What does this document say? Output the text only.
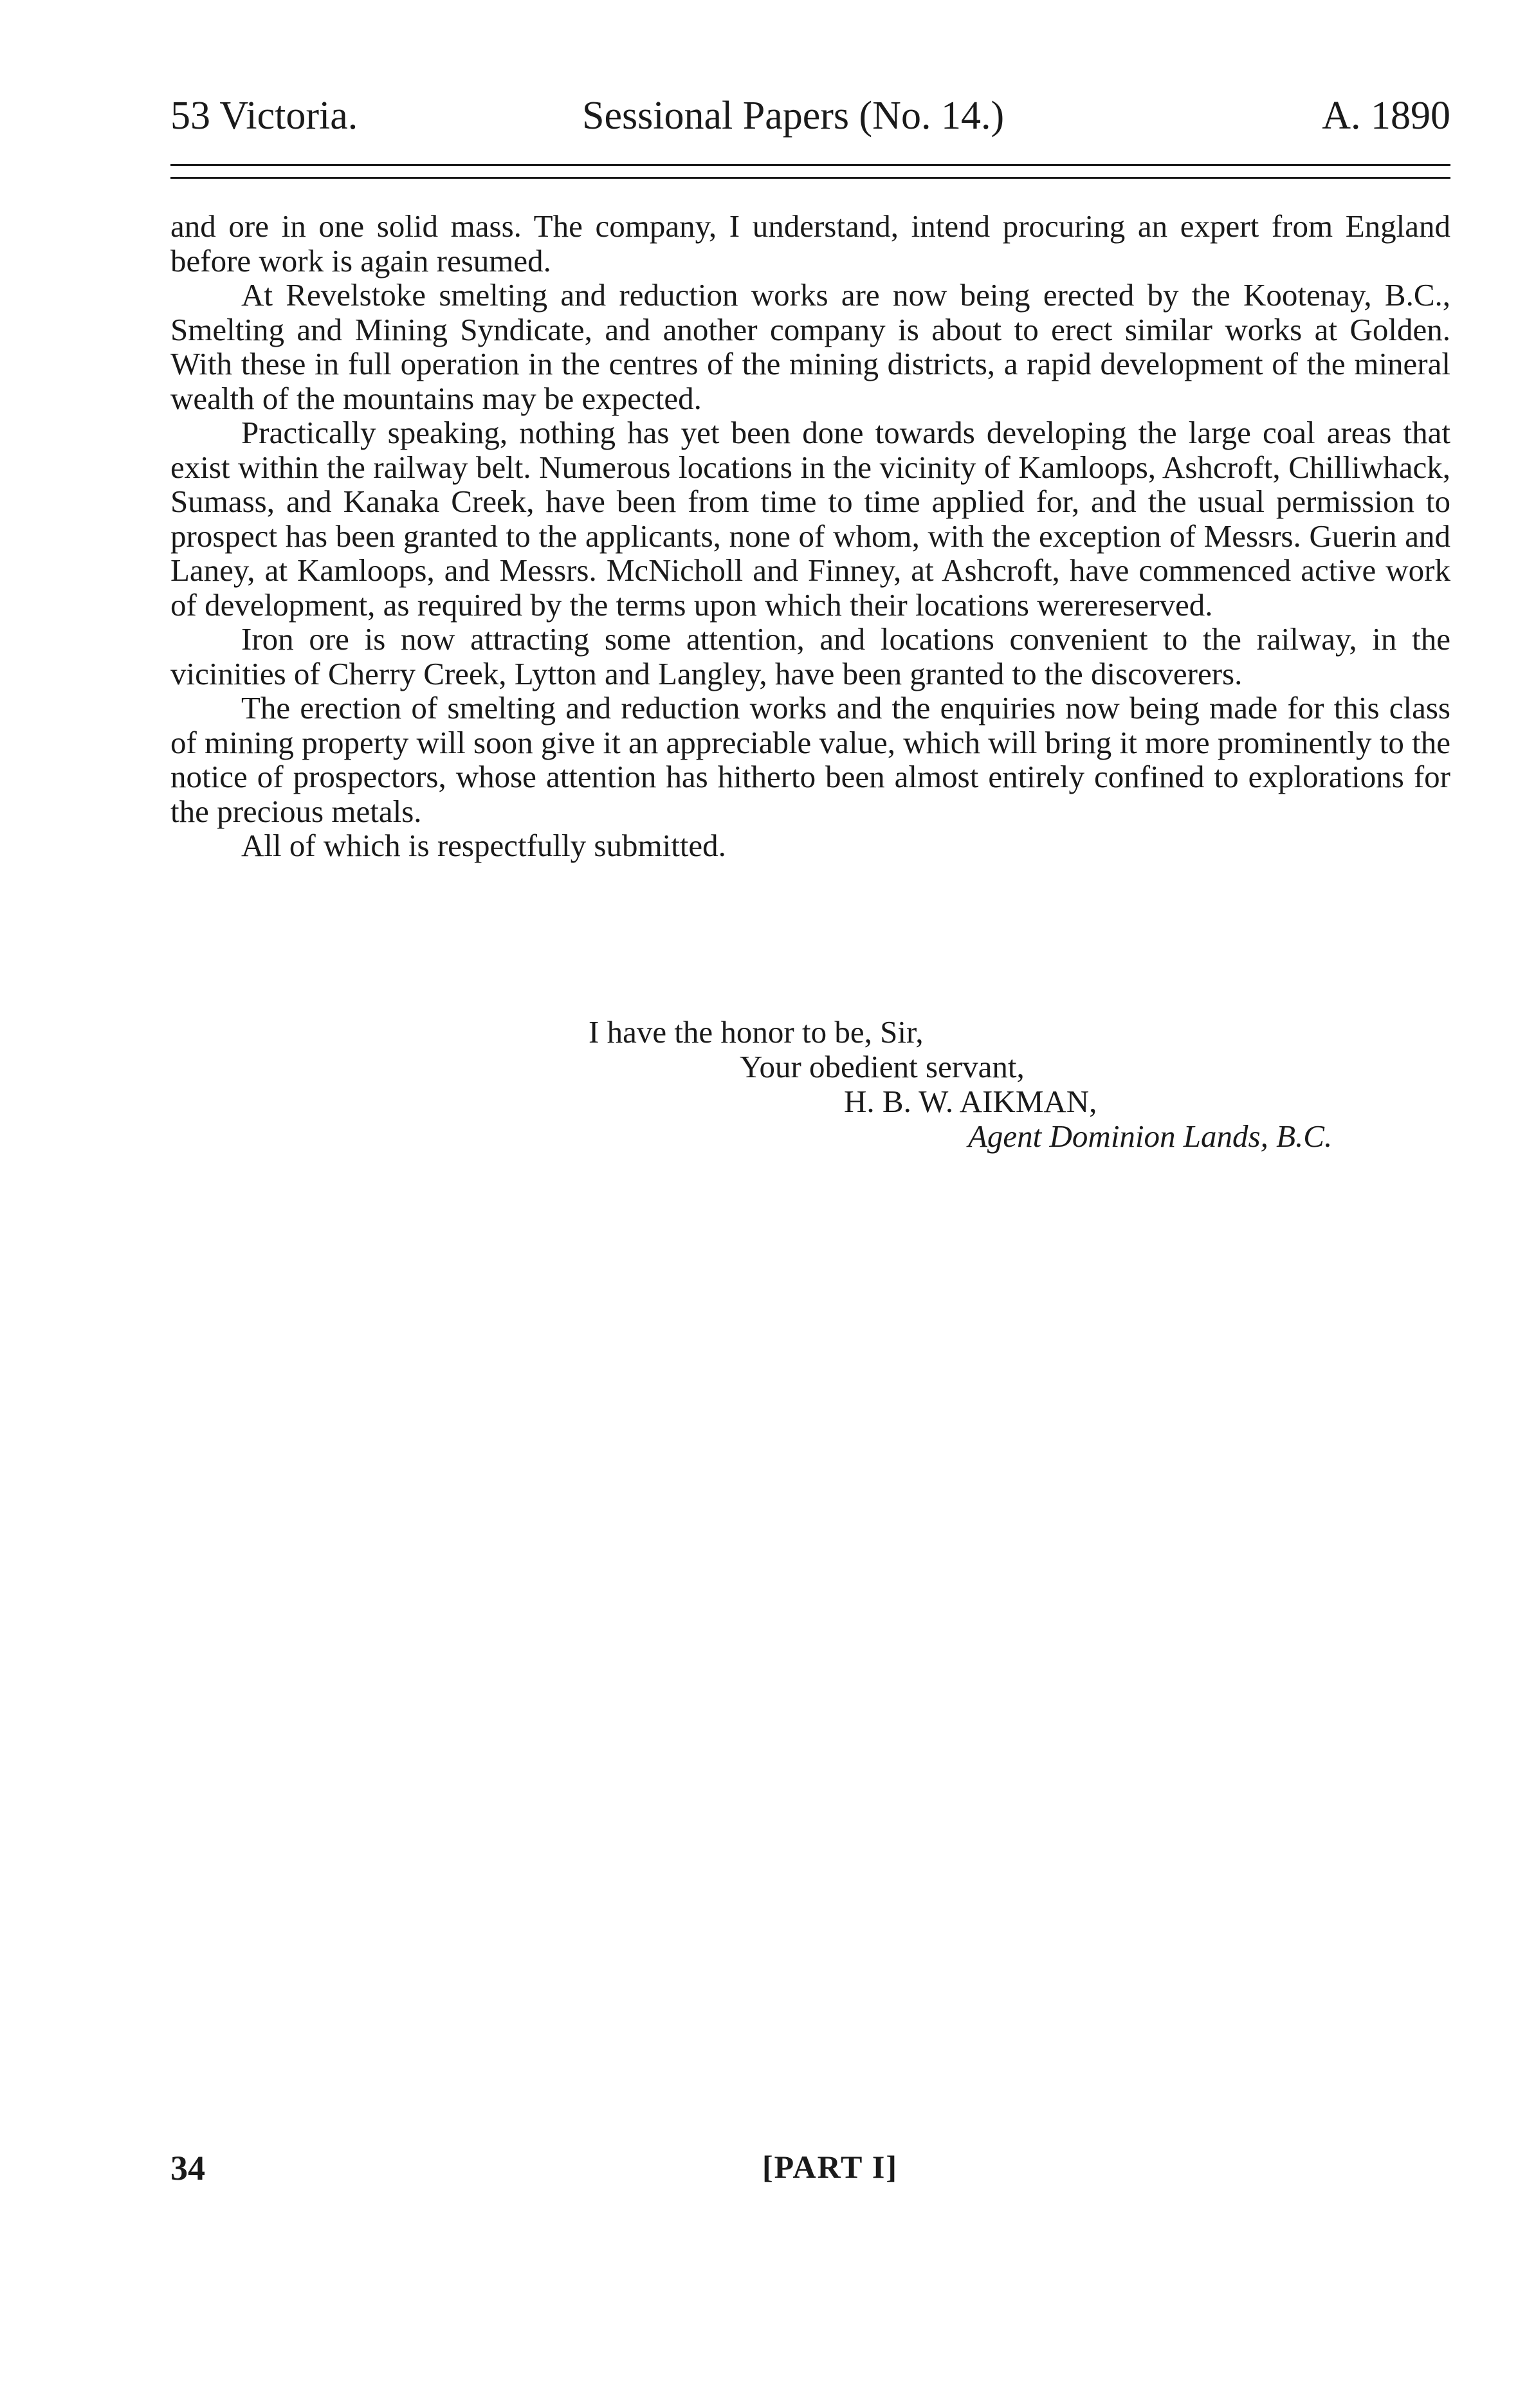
53 Victoria.	Sessional Papers (No. 14.)	A. 1890

and ore in one solid mass. The company, I understand, intend procuring an expert from England before work is again resumed.

At Revelstoke smelting and reduction works are now being erected by the Kootenay, B.C., Smelting and Mining Syndicate, and another company is about to erect similar works at Golden. With these in full operation in the centres of the mining districts, a rapid development of the mineral wealth of the mountains may be expected.

Practically speaking, nothing has yet been done towards developing the large coal areas that exist within the railway belt. Numerous locations in the vicinity of Kamloops, Ashcroft, Chilliwhack, Sumass, and Kanaka Creek, have been from time to time applied for, and the usual permission to prospect has been granted to the applicants, none of whom, with the exception of Messrs. Guerin and Laney, at Kamloops, and Messrs. McNicholl and Finney, at Ashcroft, have commenced active work of development, as required by the terms upon which their locations werereserved.

Iron ore is now attracting some attention, and locations convenient to the railway, in the vicinities of Cherry Creek, Lytton and Langley, have been granted to the discoverers.

The erection of smelting and reduction works and the enquiries now being made for this class of mining property will soon give it an appreciable value, which will bring it more prominently to the notice of prospectors, whose attention has hitherto been almost entirely confined to explorations for the precious metals.

All of which is respectfully submitted.

I have the honor to be, Sir,
Your obedient servant,
H. B. W. AIKMAN,
Agent Dominion Lands, B.C.
34	[PART I]
